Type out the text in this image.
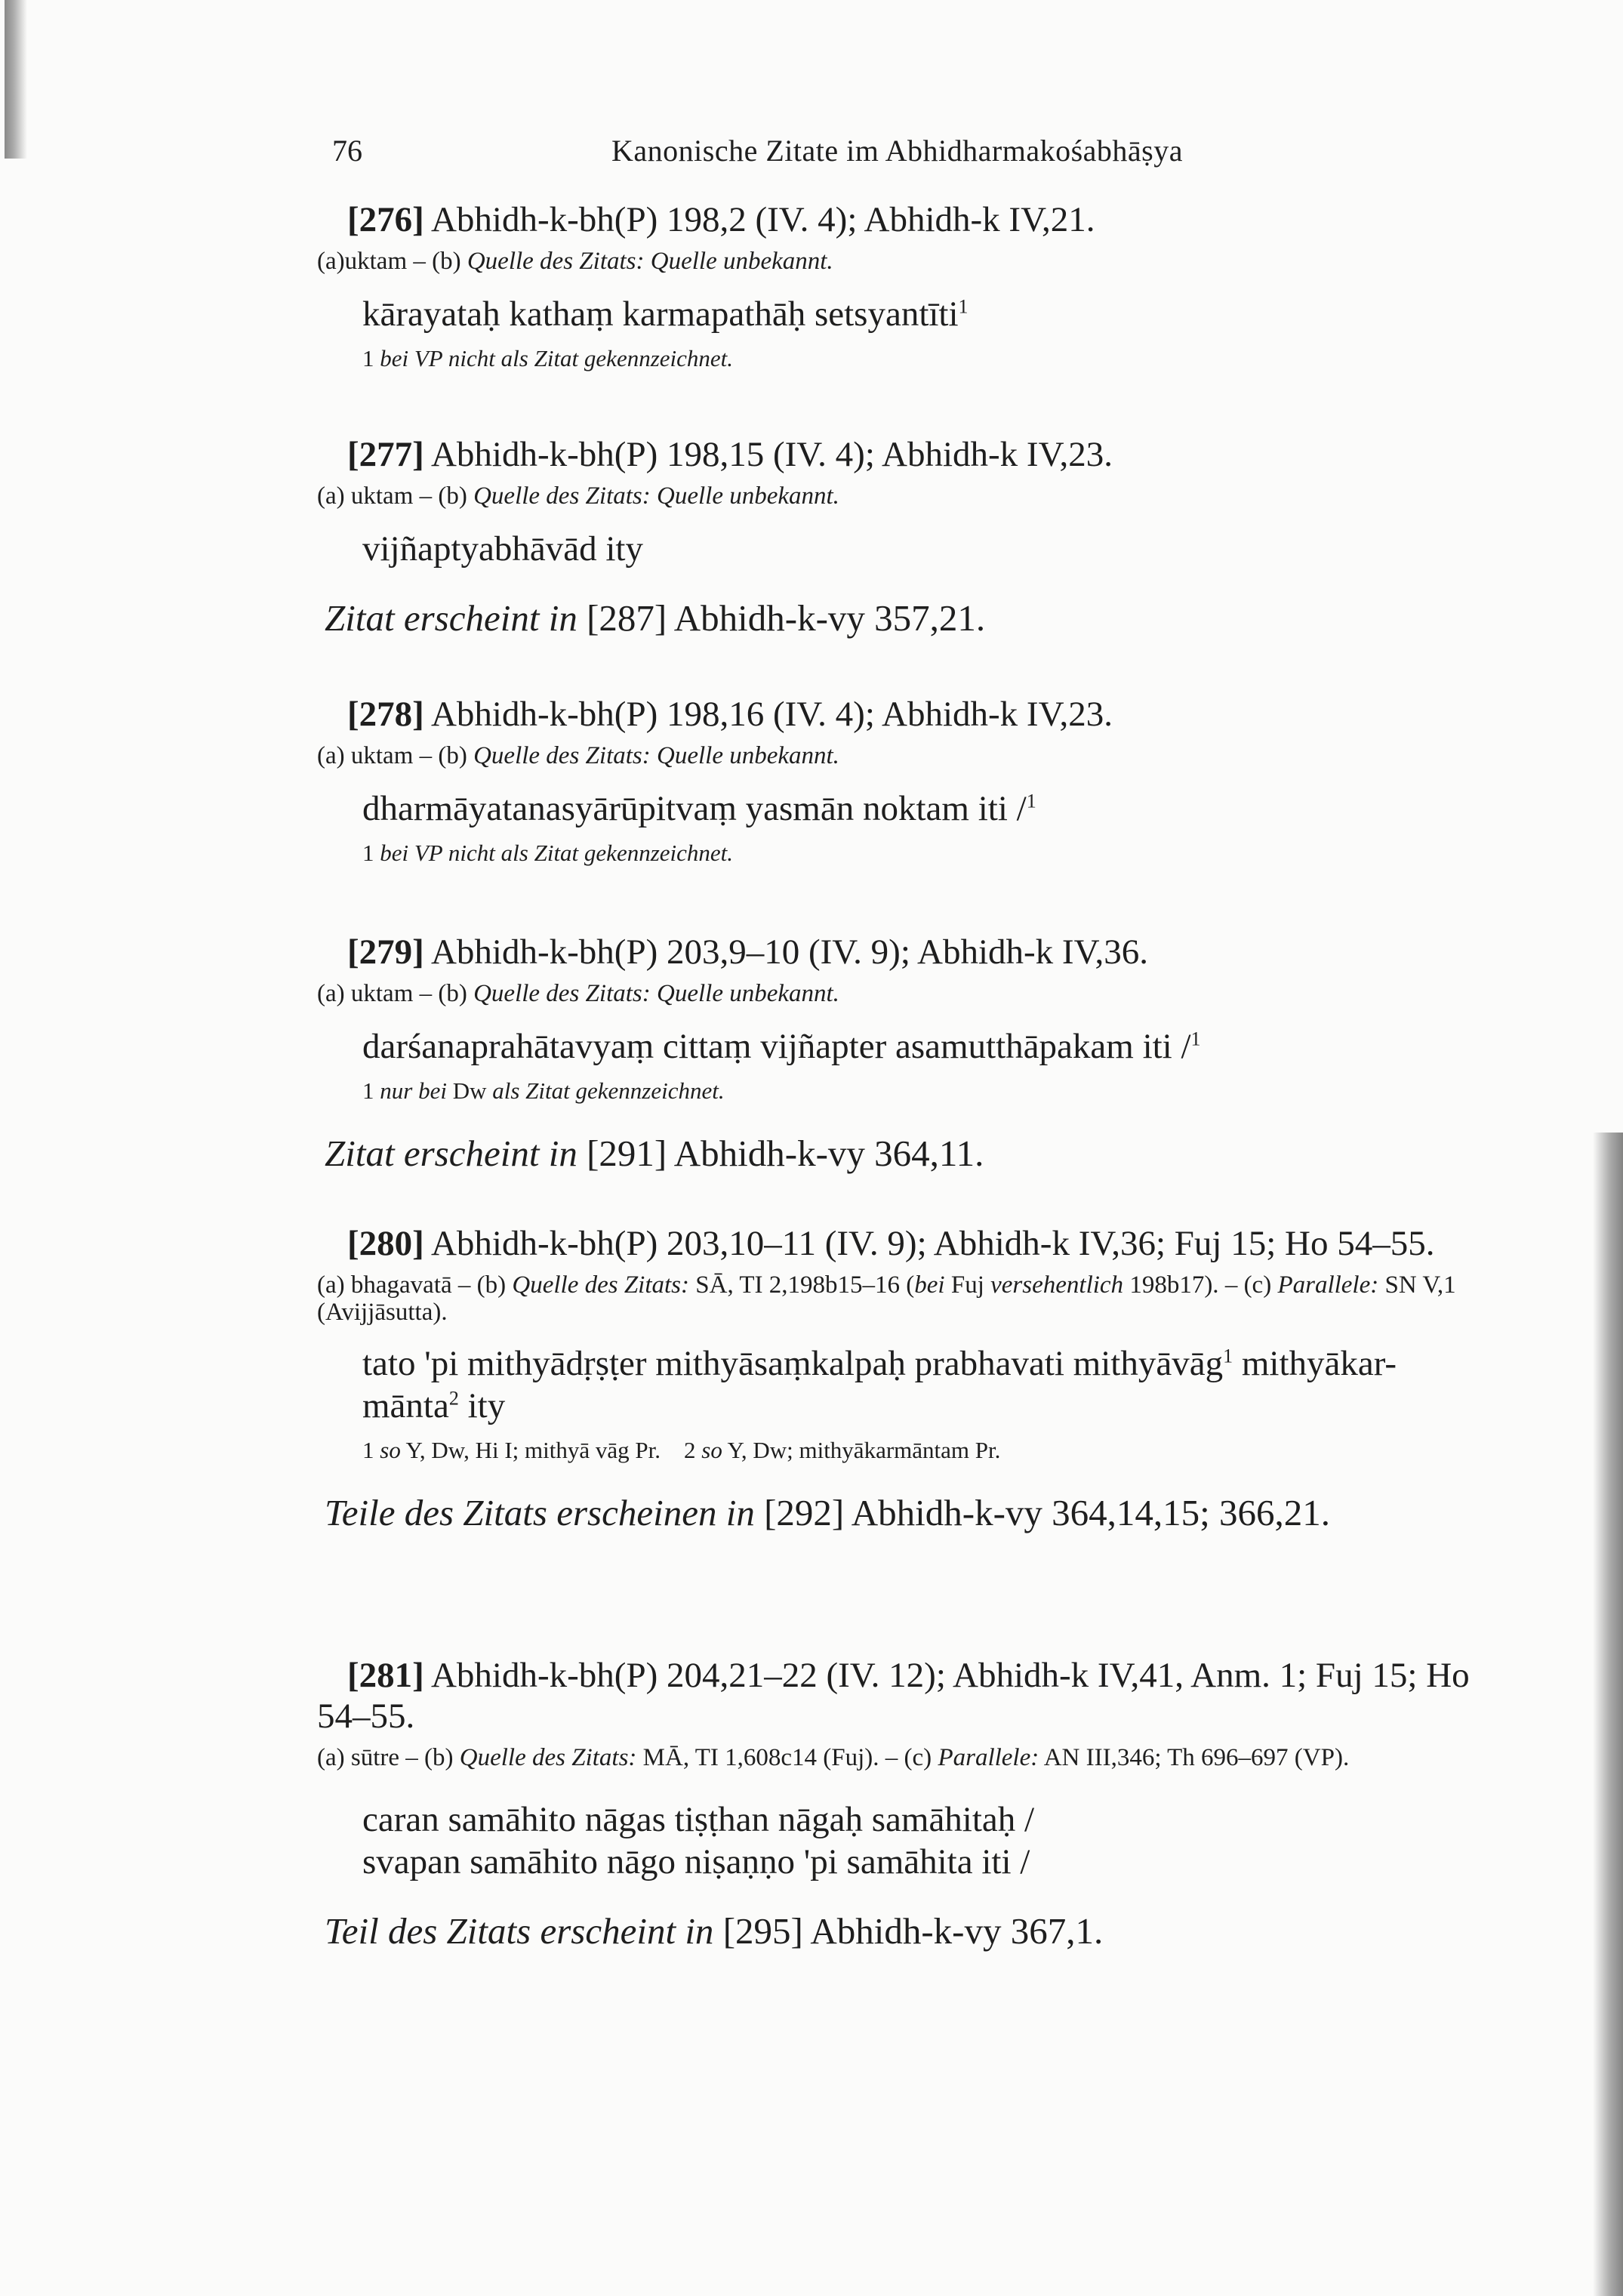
76	Kanonische Zitate im Abhidharmakośabhāṣya
[276] Abhidh-k-bh(P) 198,2 (IV. 4); Abhidh-k IV,21.
(a)uktam – (b) Quelle des Zitats: Quelle unbekannt.
kārayataḥ kathaṃ karmapathāḥ setsyantīti$^1$
1 bei VP nicht als Zitat gekennzeichnet.
[277] Abhidh-k-bh(P) 198,15 (IV. 4); Abhidh-k IV,23.
(a) uktam – (b) Quelle des Zitats: Quelle unbekannt.
vijñaptyabhāvād ity
Zitat erscheint in [287] Abhidh-k-vy 357,21.
[278] Abhidh-k-bh(P) 198,16 (IV. 4); Abhidh-k IV,23.
(a) uktam – (b) Quelle des Zitats: Quelle unbekannt.
dharmāyatanasyārūpitvaṃ yasmān noktam iti /$^1$
1 bei VP nicht als Zitat gekennzeichnet.
[279] Abhidh-k-bh(P) 203,9–10 (IV. 9); Abhidh-k IV,36.
(a) uktam – (b) Quelle des Zitats: Quelle unbekannt.
darśanaprahātavyaṃ cittaṃ vijñapter asamutthāpakam iti /$^1$
1 nur bei Dw als Zitat gekennzeichnet.
Zitat erscheint in [291] Abhidh-k-vy 364,11.
[280] Abhidh-k-bh(P) 203,10–11 (IV. 9); Abhidh-k IV,36; Fuj 15; Ho 54–55.
(a) bhagavatā – (b) Quelle des Zitats: SĀ, TI 2,198b15–16 (bei Fuj versehentlich 198b17). – (c) Parallele: SN V,1 (Avijjāsutta).
tato 'pi mithyādṛṣṭer mithyāsaṃkalpaḥ prabhavati mithyāvāg$^1$ mithyākar-
mānta$^2$ ity
1 so Y, Dw, Hi I; mithyā vāg Pr. 2 so Y, Dw; mithyākarmāntam Pr.
Teile des Zitats erscheinen in [292] Abhidh-k-vy 364,14,15; 366,21.
[281] Abhidh-k-bh(P) 204,21–22 (IV. 12); Abhidh-k IV,41, Anm. 1; Fuj 15; Ho 54–55.
(a) sūtre – (b) Quelle des Zitats: MĀ, TI 1,608c14 (Fuj). – (c) Parallele: AN III,346; Th 696–697 (VP).
caran samāhito nāgas tiṣṭhan nāgaḥ samāhitaḥ /
svapan samāhito nāgo niṣaṇṇo 'pi samāhita iti /
Teil des Zitats erscheint in [295] Abhidh-k-vy 367,1.
